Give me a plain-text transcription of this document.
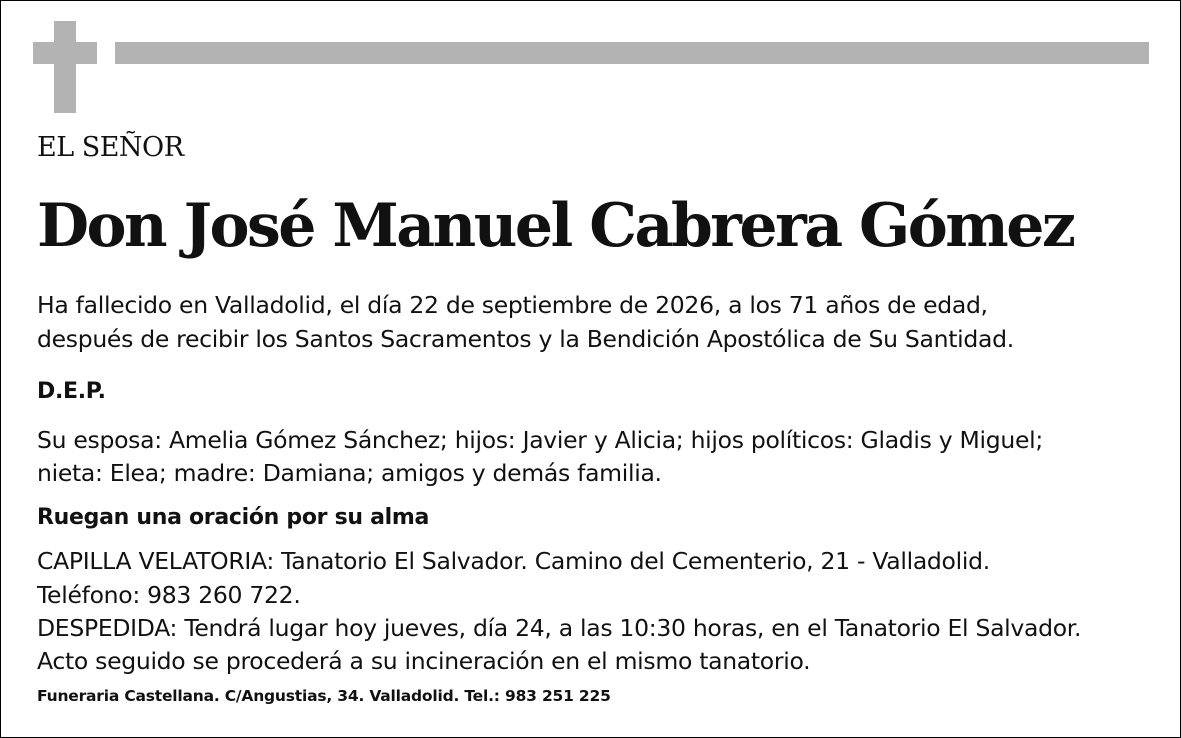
EL SEÑOR
Don José Manuel Cabrera Gómez
Ha fallecido en Valladolid, el día 22 de septiembre de 2026, a los 71 años de edad,
después de recibir los Santos Sacramentos y la Bendición Apostólica de Su Santidad.
D.E.P.
Su esposa: Amelia Gómez Sánchez; hijos: Javier y Alicia; hijos políticos: Gladis y Miguel;
nieta: Elea; madre: Damiana; amigos y demás familia.
Ruegan una oración por su alma
CAPILLA VELATORIA: Tanatorio El Salvador. Camino del Cementerio, 21 - Valladolid.
Teléfono: 983 260 722.
DESPEDIDA: Tendrá lugar hoy jueves, día 24, a las 10:30 horas, en el Tanatorio El Salvador.
Acto seguido se procederá a su incineración en el mismo tanatorio.
Funeraria Castellana. C/Angustias, 34. Valladolid. Tel.: 983 251 225
